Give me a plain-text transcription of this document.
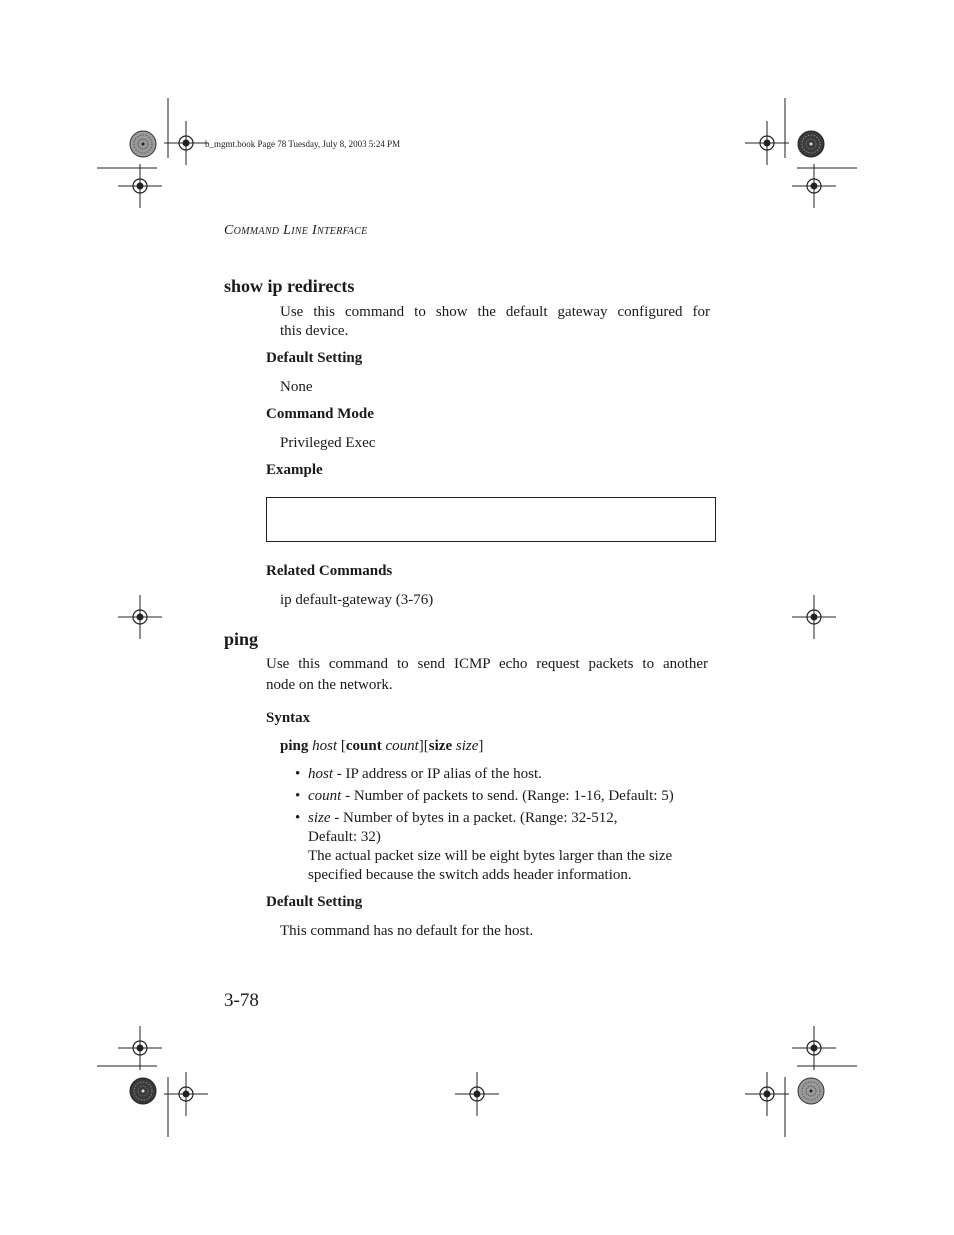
b_mgmt.book Page 78 Tuesday, July 8, 2003 5:24 PM
Command Line Interface
show ip redirects

Use this command to show the default gateway configured for

this device.

Default Setting

None

Command Mode

Privileged Exec

Example
Related Commands

ip default-gateway (3-76)

ping

Use this command to send ICMP echo request packets to another

node on the network.

Syntax
ping host [count count][size size]
• host - IP address or IP alias of the host.
• count - Number of packets to send. (Range: 1-16, Default: 5)
• size - Number of bytes in a packet. (Range: 32-512,
Default: 32)
The actual packet size will be eight bytes larger than the size
specified because the switch adds header information.
Default Setting

This command has no default for the host.

3-78
